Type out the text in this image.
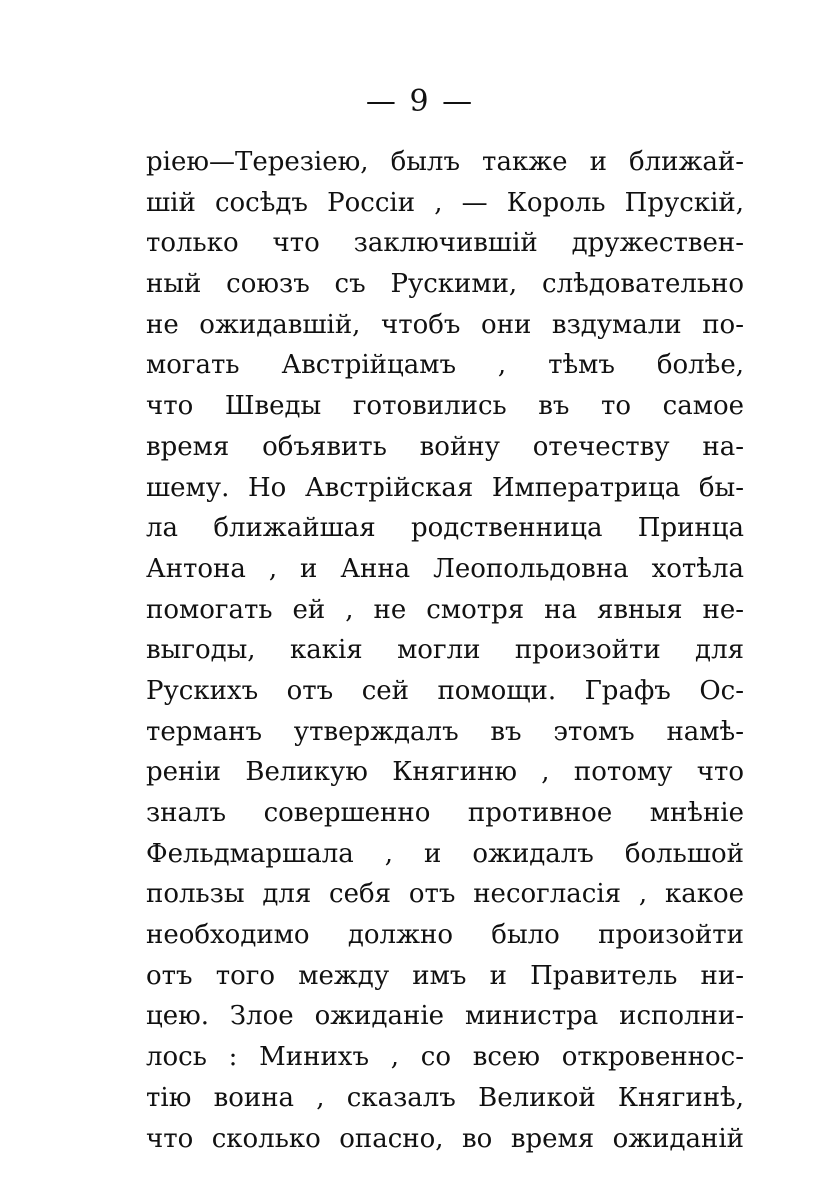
— 9 —
ріею—Терезіею, былъ также и ближай-
шій сосѣдъ Россіи , — Король Прускій,
только что заключившій дружествен-
ный союзъ съ Рускими, слѣдовательно
не ожидавшій, чтобъ они вздумали по-
могать Австрійцамъ , тѣмъ болѣе,
что Шведы готовились въ то самое
время объявить войну отечеству на-
шему. Но Австрійская Императрица бы-
ла ближайшая родственница Принца
Антона , и Анна Леопольдовна хотѣла
помогать ей , не смотря на явныя не-
выгоды, какія могли произойти для
Рускихъ отъ сей помощи. Графъ Ос-
терманъ утверждалъ въ этомъ намѣ-
реніи Великую Княгиню , потому что
зналъ совершенно противное мнѣніе
Фельдмаршала , и ожидалъ большой
пользы для себя отъ несогласія , какое
необходимо должно было произойти
отъ того между имъ и Правитель ни-
цею. Злое ожиданіе министра исполни-
лось : Минихъ , со всею откровеннос-
тію воина , сказалъ Великой Княгинѣ,
что сколько опасно, во время ожиданій
